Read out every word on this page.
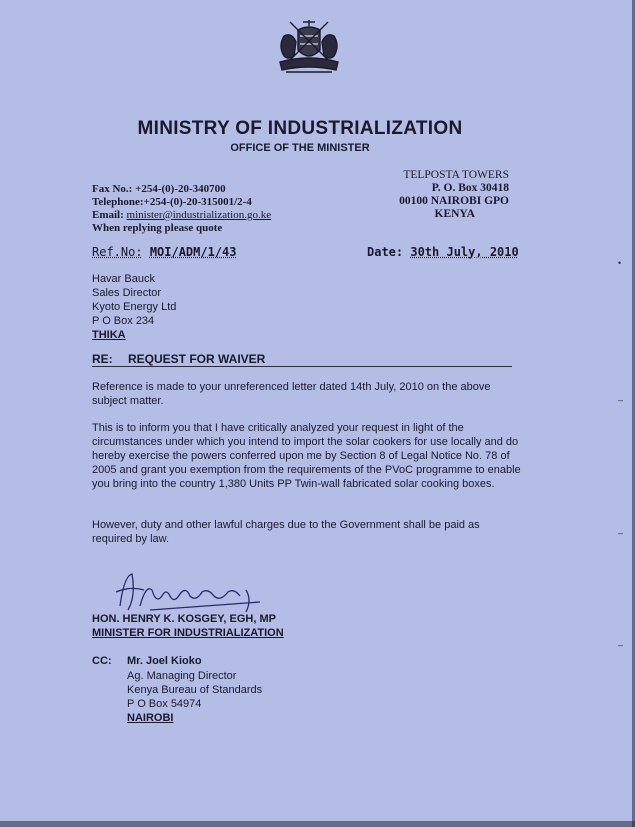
MINISTRY OF INDUSTRIALIZATION
OFFICE OF THE MINISTER
TELPOSTA TOWERS
P. O. Box 30418
00100 NAIROBI GPO
KENYA
Fax No.: +254-(0)-20-340700
Telephone:+254-(0)-20-315001/2-4
Email: minister@industrialization.go.ke
When replying please quote
Ref.No: MOI/ADM/1/43	Date: 30th July, 2010
Havar Bauck
Sales Director
Kyoto Energy Ltd
P O Box 234
THIKA
RE: REQUEST FOR WAIVER
Reference is made to your unreferenced letter dated 14th July, 2010 on the above subject matter.
This is to inform you that I have critically analyzed your request in light of the circumstances under which you intend to import the solar cookers for use locally and do hereby exercise the powers conferred upon me by Section 8 of Legal Notice No. 78 of 2005 and grant you exemption from the requirements of the PVoC programme to enable you bring into the country 1,380 Units PP Twin-wall fabricated solar cooking boxes.
However, duty and other lawful charges due to the Government shall be paid as required by law.
HON. HENRY K. KOSGEY, EGH, MP
MINISTER FOR INDUSTRIALIZATION
CC: Mr. Joel Kioko
Ag. Managing Director
Kenya Bureau of Standards
P O Box 54974
NAIROBI
•
–
–
–
